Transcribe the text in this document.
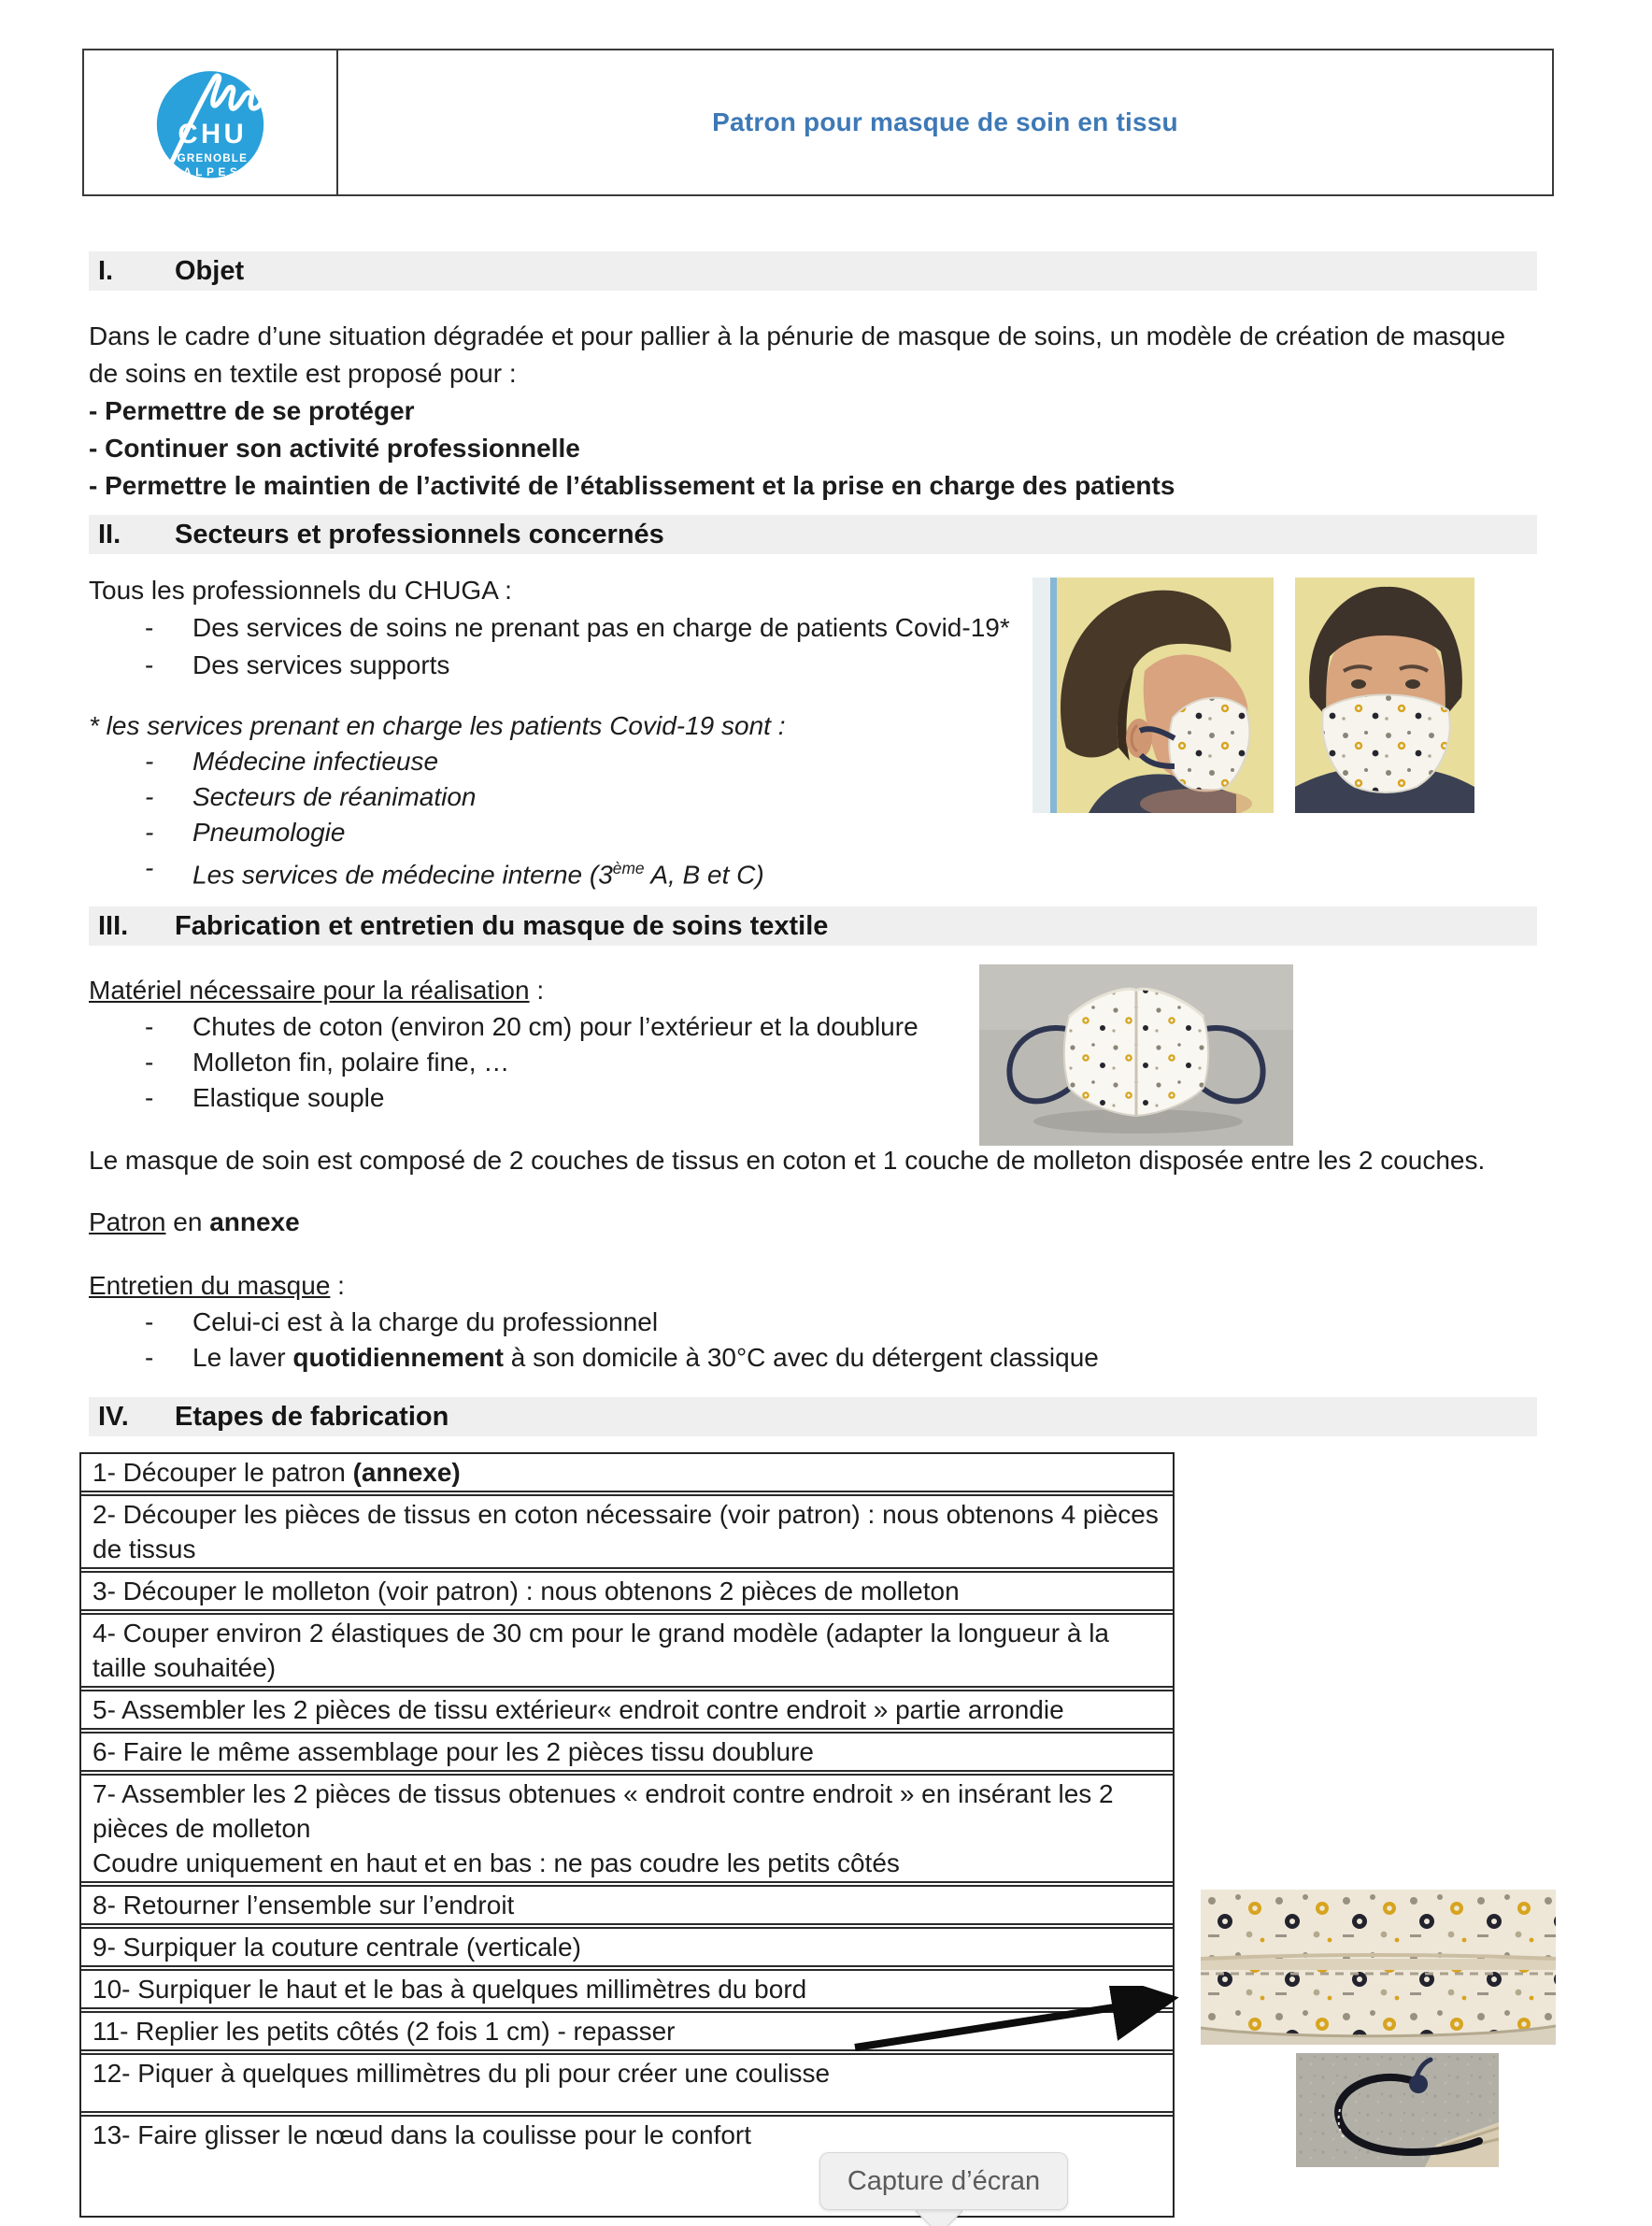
CHU
GRENOBLE
ALPES
Patron pour masque de soin en tissu
I.	Objet
Dans le cadre d’une situation dégradée et pour pallier à la pénurie de masque de soins, un modèle de création de masque de soins en textile est proposé pour :
- Permettre de se protéger
- Continuer son activité professionnelle
- Permettre le maintien de l’activité de l’établissement et la prise en charge des patients
II.	Secteurs et professionnels concernés
Tous les professionnels du CHUGA :
- Des services de soins ne prenant pas en charge de patients Covid-19*
- Des services supports
* les services prenant en charge les patients Covid-19 sont :
- Médecine infectieuse
- Secteurs de réanimation
- Pneumologie
- Les services de médecine interne (3ème A, B et C)
III.	Fabrication et entretien du masque de soins textile
Matériel nécessaire pour la réalisation :
- Chutes de coton (environ 20 cm) pour l’extérieur et la doublure
- Molleton fin, polaire fine, …
- Elastique souple
Le masque de soin est composé de 2 couches de tissus en coton et 1 couche de molleton disposée entre les 2 couches.
Patron en annexe
Entretien du masque :
- Celui-ci est à la charge du professionnel
- Le laver quotidiennement à son domicile à 30°C avec du détergent classique
IV.	Etapes de fabrication
1- Découper le patron (annexe)
2- Découper les pièces de tissus en coton nécessaire (voir patron) : nous obtenons 4 pièces de tissus
3- Découper le molleton (voir patron) : nous obtenons 2 pièces de molleton
4- Couper environ 2 élastiques de 30 cm pour le grand modèle (adapter la longueur à la taille souhaitée)
5- Assembler les 2 pièces de tissu extérieur« endroit contre endroit » partie arrondie
6- Faire le même assemblage pour les 2 pièces tissu doublure
7- Assembler les 2 pièces de tissus obtenues « endroit contre endroit » en insérant les 2 pièces de molleton
Coudre uniquement en haut et en bas : ne pas coudre les petits côtés
8- Retourner l’ensemble sur l’endroit
9- Surpiquer la couture centrale (verticale)
10- Surpiquer le haut et le bas à quelques millimètres du bord
11- Replier les petits côtés (2 fois 1 cm) - repasser
12- Piquer à quelques millimètres du pli pour créer une coulisse
13- Faire glisser le nœud dans la coulisse pour le confort
Capture d’écran
